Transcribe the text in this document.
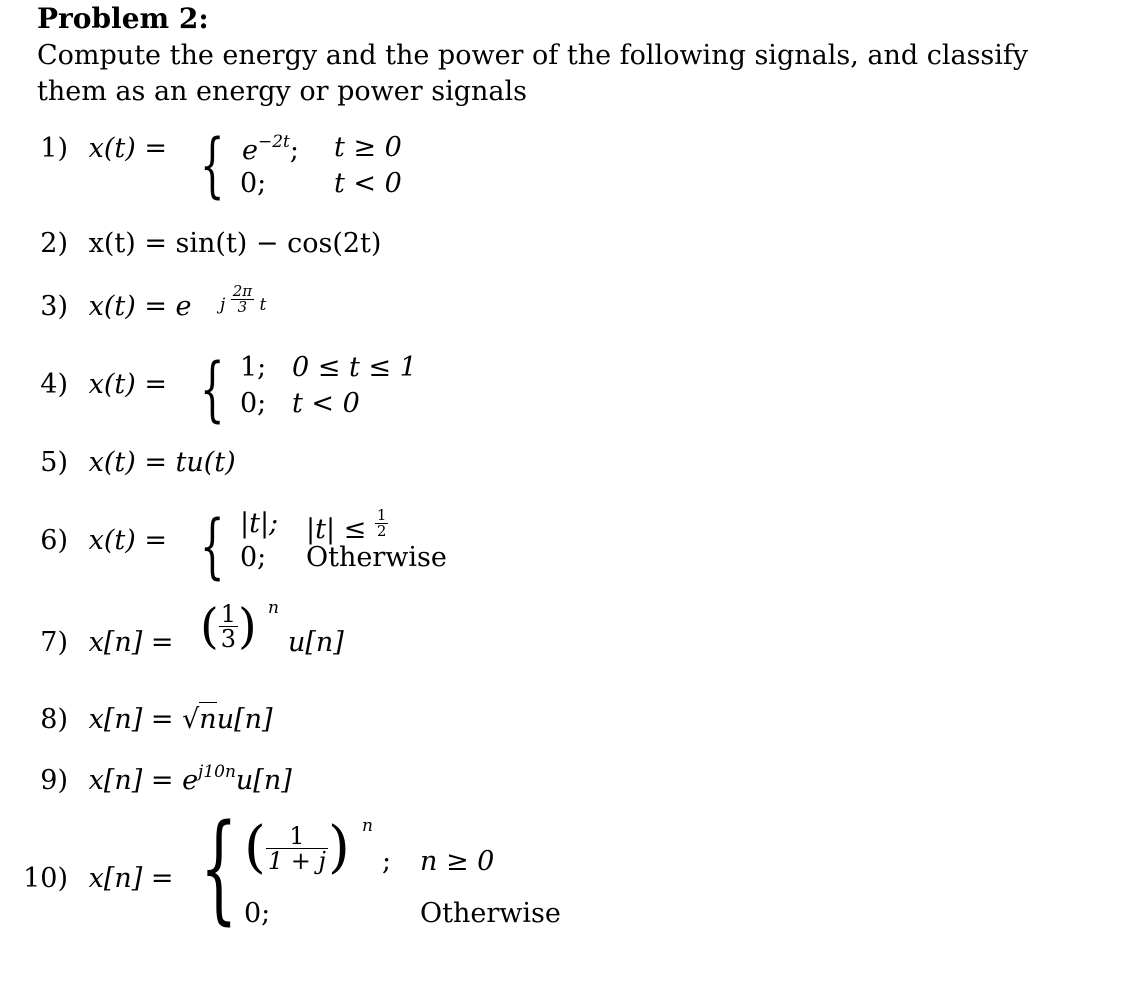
Problem 2:
Compute the energy and the power of the following signals, and classify them as an energy or power signals
1) x(t) = { $e^{-2t}$; t ≥ 0
0;	t < 0
2) x(t) = sin(t) − cos(2t)
3) x(t) = e j $\frac{2\pi}{3}$ t
4) x(t) = { 1; 0 ≤ t ≤ 1
0; t < 0
5) x(t) = tu(t)
6) x(t) = { |t|; $|t| \le \frac{1}{2}$
0; Otherwise
7) x[n] = ( $\frac{1}{3}$ ) n
u[n]
8) x[n] = √nu[n]
9) $x[n] = e^{j10n}u[n]$
10) x[n] = { ( $\frac{1}{1 + j}$ ) n
; n ≥ 0
0;	Otherwise
